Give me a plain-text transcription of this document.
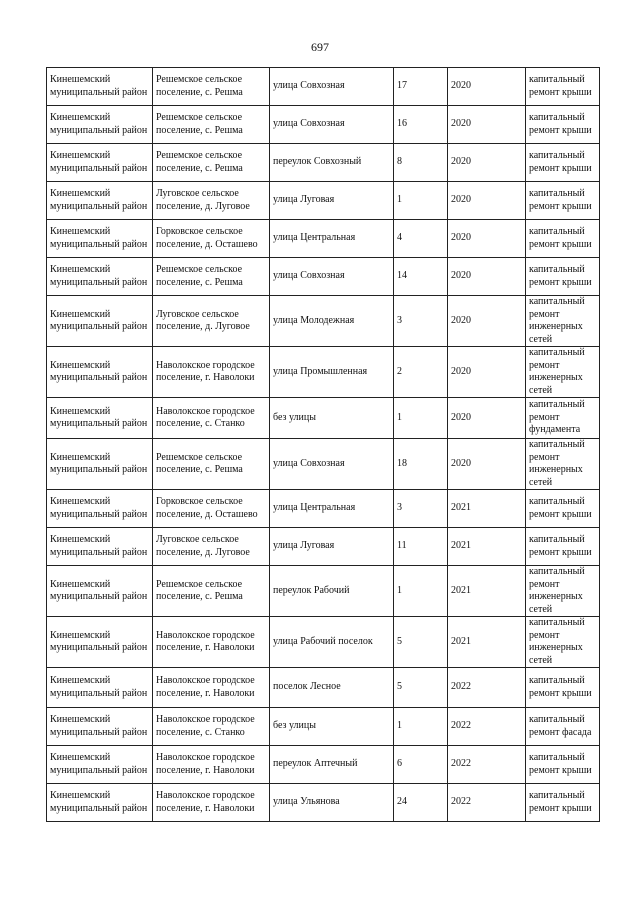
697
Кинешемский муниципальный район	Решемское сельское поселение, с. Решма	улица Совхозная	17	2020	капитальный ремонт крыши
Кинешемский муниципальный район	Решемское сельское поселение, с. Решма	улица Совхозная	16	2020	капитальный ремонт крыши
Кинешемский муниципальный район	Решемское сельское поселение, с. Решма	переулок Совхозный	8	2020	капитальный ремонт крыши
Кинешемский муниципальный район	Луговское сельское поселение, д. Луговое	улица Луговая	1	2020	капитальный ремонт крыши
Кинешемский муниципальный район	Горковское сельское поселение, д. Осташево	улица Центральная	4	2020	капитальный ремонт крыши
Кинешемский муниципальный район	Решемское сельское поселение, с. Решма	улица Совхозная	14	2020	капитальный ремонт крыши
Кинешемский муниципальный район	Луговское сельское поселение, д. Луговое	улица Молодежная	3	2020	капитальный ремонт инженерных сетей
Кинешемский муниципальный район	Наволокское городское поселение, г. Наволоки	улица Промышленная	2	2020	капитальный ремонт инженерных сетей
Кинешемский муниципальный район	Наволокское городское поселение, с. Станко	без улицы	1	2020	капитальный ремонт фундамента
Кинешемский муниципальный район	Решемское сельское поселение, с. Решма	улица Совхозная	18	2020	капитальный ремонт инженерных сетей
Кинешемский муниципальный район	Горковское сельское поселение, д. Осташево	улица Центральная	3	2021	капитальный ремонт крыши
Кинешемский муниципальный район	Луговское сельское поселение, д. Луговое	улица Луговая	11	2021	капитальный ремонт крыши
Кинешемский муниципальный район	Решемское сельское поселение, с. Решма	переулок Рабочий	1	2021	капитальный ремонт инженерных сетей
Кинешемский муниципальный район	Наволокское городское поселение, г. Наволоки	улица Рабочий поселок	5	2021	капитальный ремонт инженерных сетей
Кинешемский муниципальный район	Наволокское городское поселение, г. Наволоки	поселок Лесное	5	2022	капитальный ремонт крыши
Кинешемский муниципальный район	Наволокское городское поселение, с. Станко	без улицы	1	2022	капитальный ремонт фасада
Кинешемский муниципальный район	Наволокское городское поселение, г. Наволоки	переулок Аптечный	6	2022	капитальный ремонт крыши
Кинешемский муниципальный район	Наволокское городское поселение, г. Наволоки	улица Ульянова	24	2022	капитальный ремонт крыши
